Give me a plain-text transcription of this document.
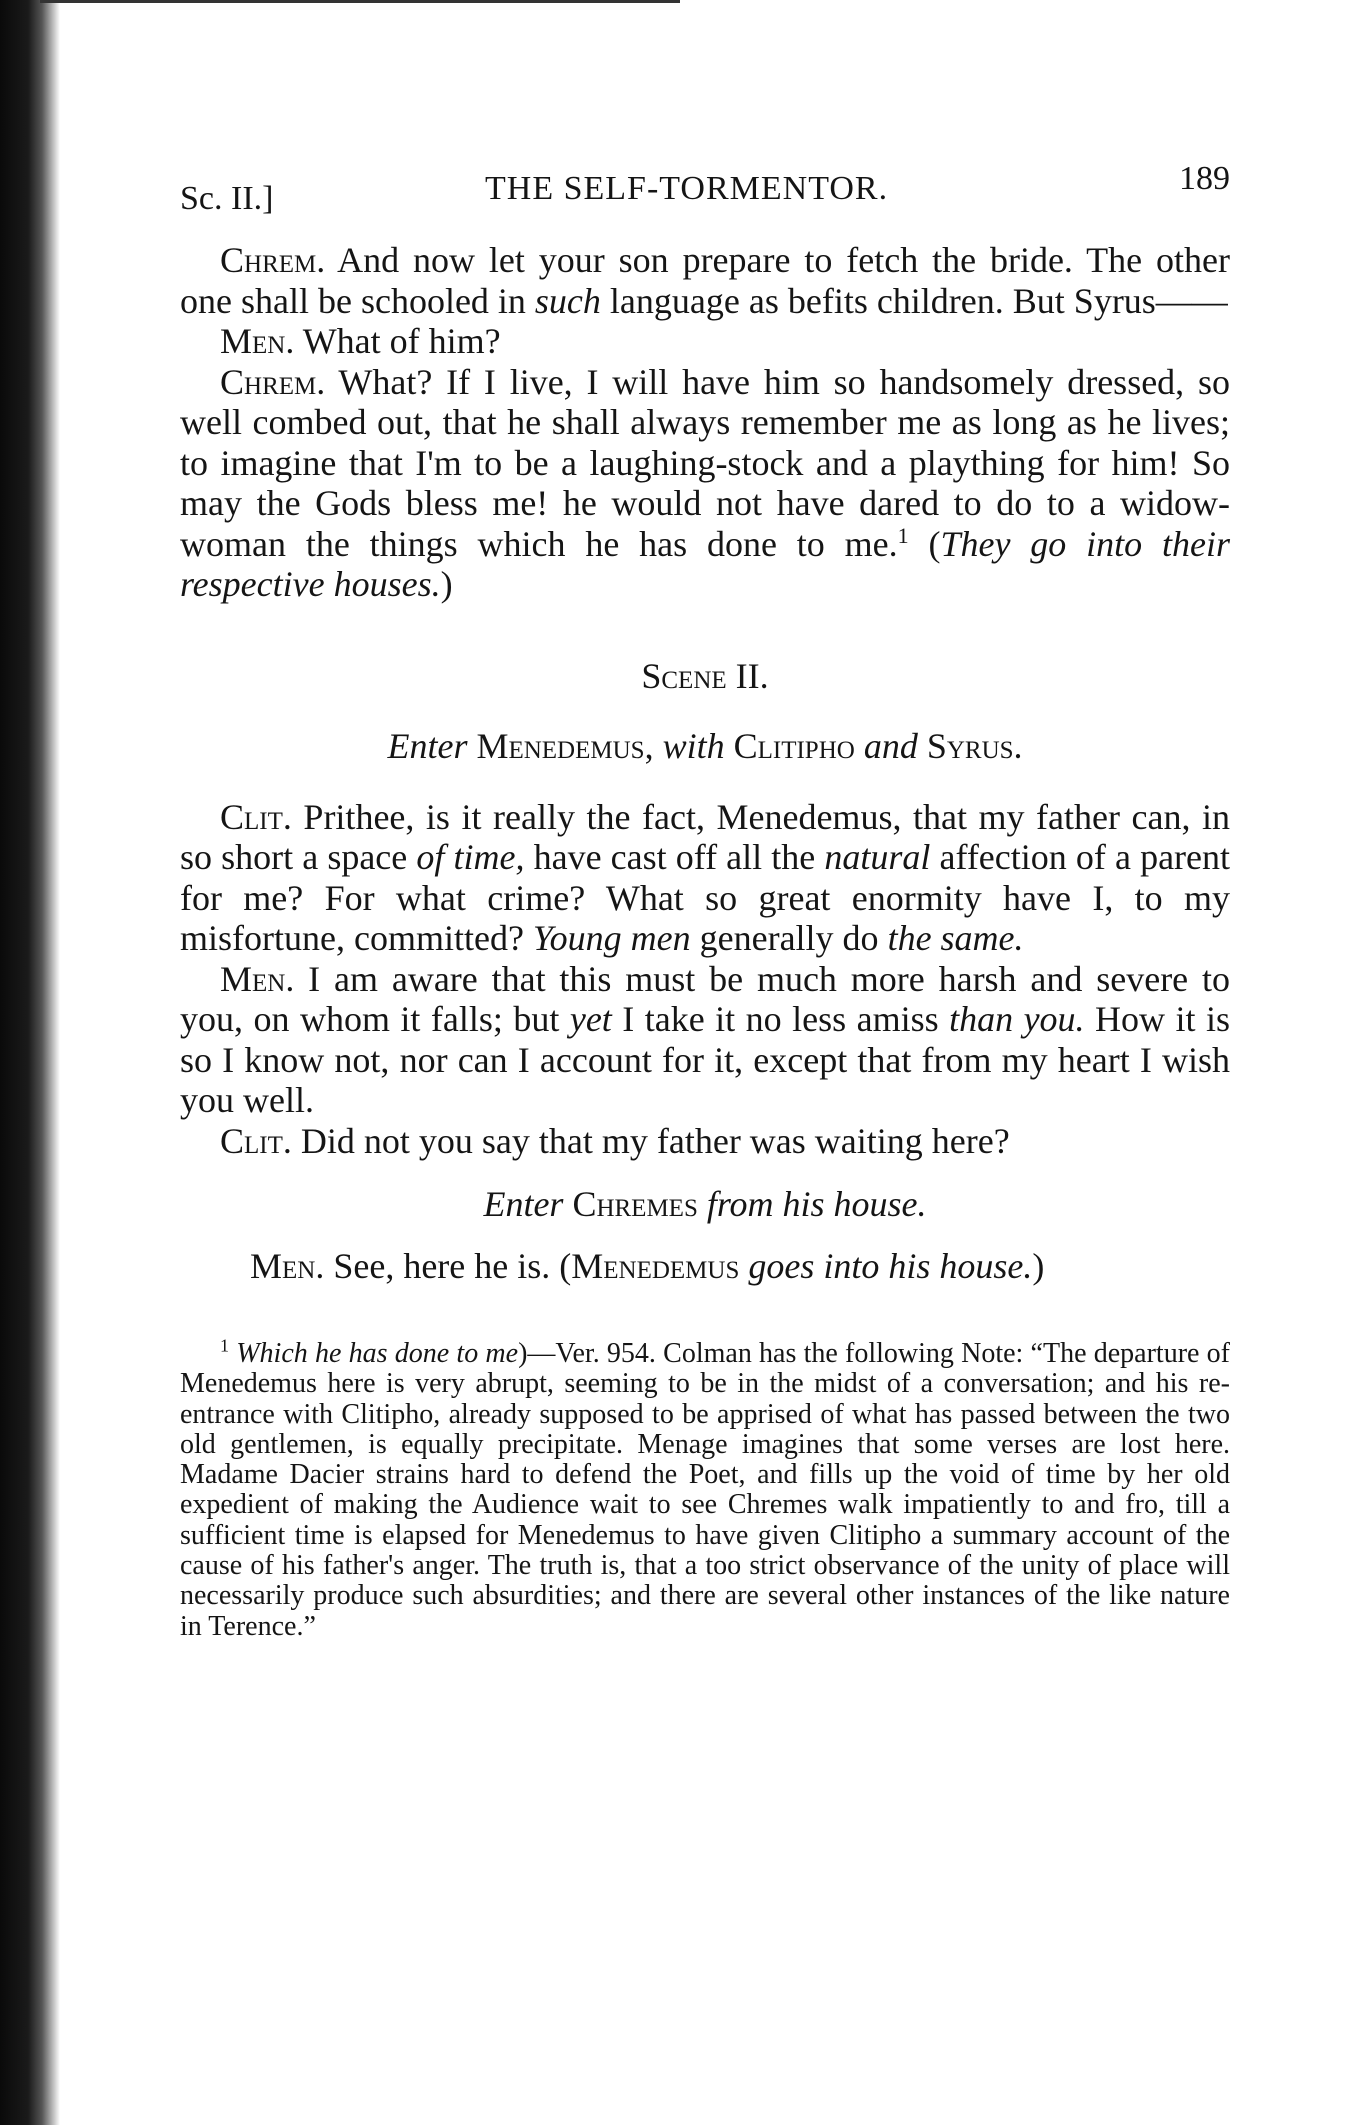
Sc. II.]	THE SELF-TORMENTOR.	189

Chrem. And now let your son prepare to fetch the bride. The other one shall be schooled in such language as befits children. But Syrus——

Men. What of him?

Chrem. What? If I live, I will have him so handsomely dressed, so well combed out, that he shall always remember me as long as he lives; to imagine that I'm to be a laughing-stock and a plaything for him! So may the Gods bless me! he would not have dared to do to a widow-woman the things which he has done to me.$^1$ (They go into their respective houses.)

Scene II.
Enter Menedemus, with Clitipho and Syrus.

Clit. Prithee, is it really the fact, Menedemus, that my father can, in so short a space of time, have cast off all the natural affection of a parent for me? For what crime? What so great enormity have I, to my misfortune, committed? Young men generally do the same.

Men. I am aware that this must be much more harsh and severe to you, on whom it falls; but yet I take it no less amiss than you. How it is so I know not, nor can I account for it, except that from my heart I wish you well.

Clit. Did not you say that my father was waiting here?

Enter Chremes from his house.

Men. See, here he is. (Menedemus goes into his house.)

$^1$ Which he has done to me)—Ver. 954. Colman has the following Note: “The departure of Menedemus here is very abrupt, seeming to be in the midst of a conversation; and his re-entrance with Clitipho, already supposed to be apprised of what has passed between the two old gentlemen, is equally precipitate. Menage imagines that some verses are lost here. Madame Dacier strains hard to defend the Poet, and fills up the void of time by her old expedient of making the Audience wait to see Chremes walk impatiently to and fro, till a sufficient time is elapsed for Menedemus to have given Clitipho a summary account of the cause of his father's anger. The truth is, that a too strict observance of the unity of place will necessarily produce such absurdities; and there are several other instances of the like nature in Terence.”
